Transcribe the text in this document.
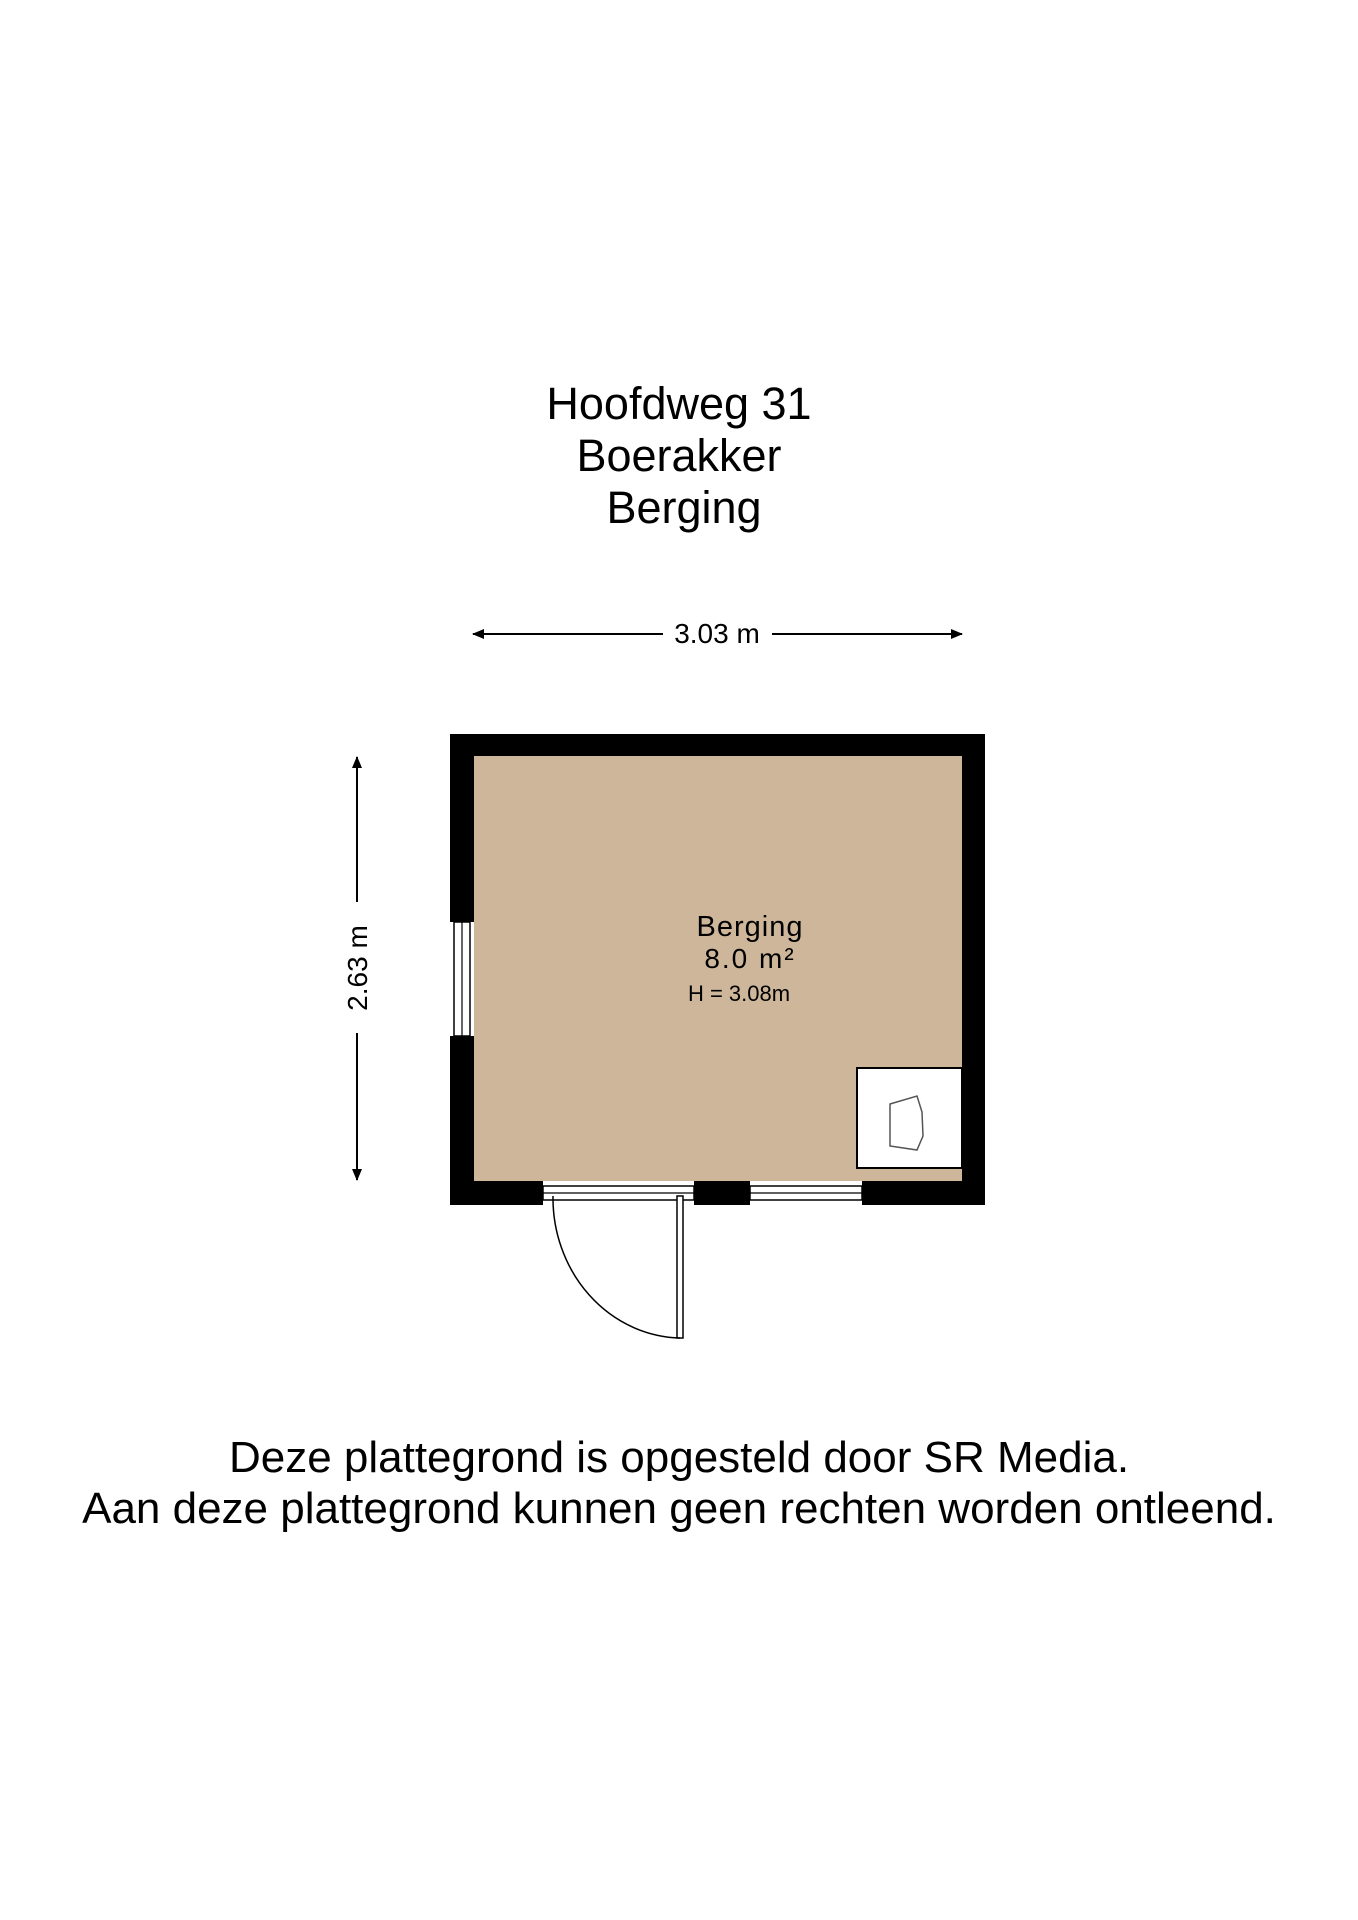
Hoofdweg 31
Boerakker
Berging
3.03 m
2.63 m	Berging
8.0 m²
H = 3.08m
Deze plattegrond is opgesteld door SR Media.
Aan deze plattegrond kunnen geen rechten worden ontleend.
